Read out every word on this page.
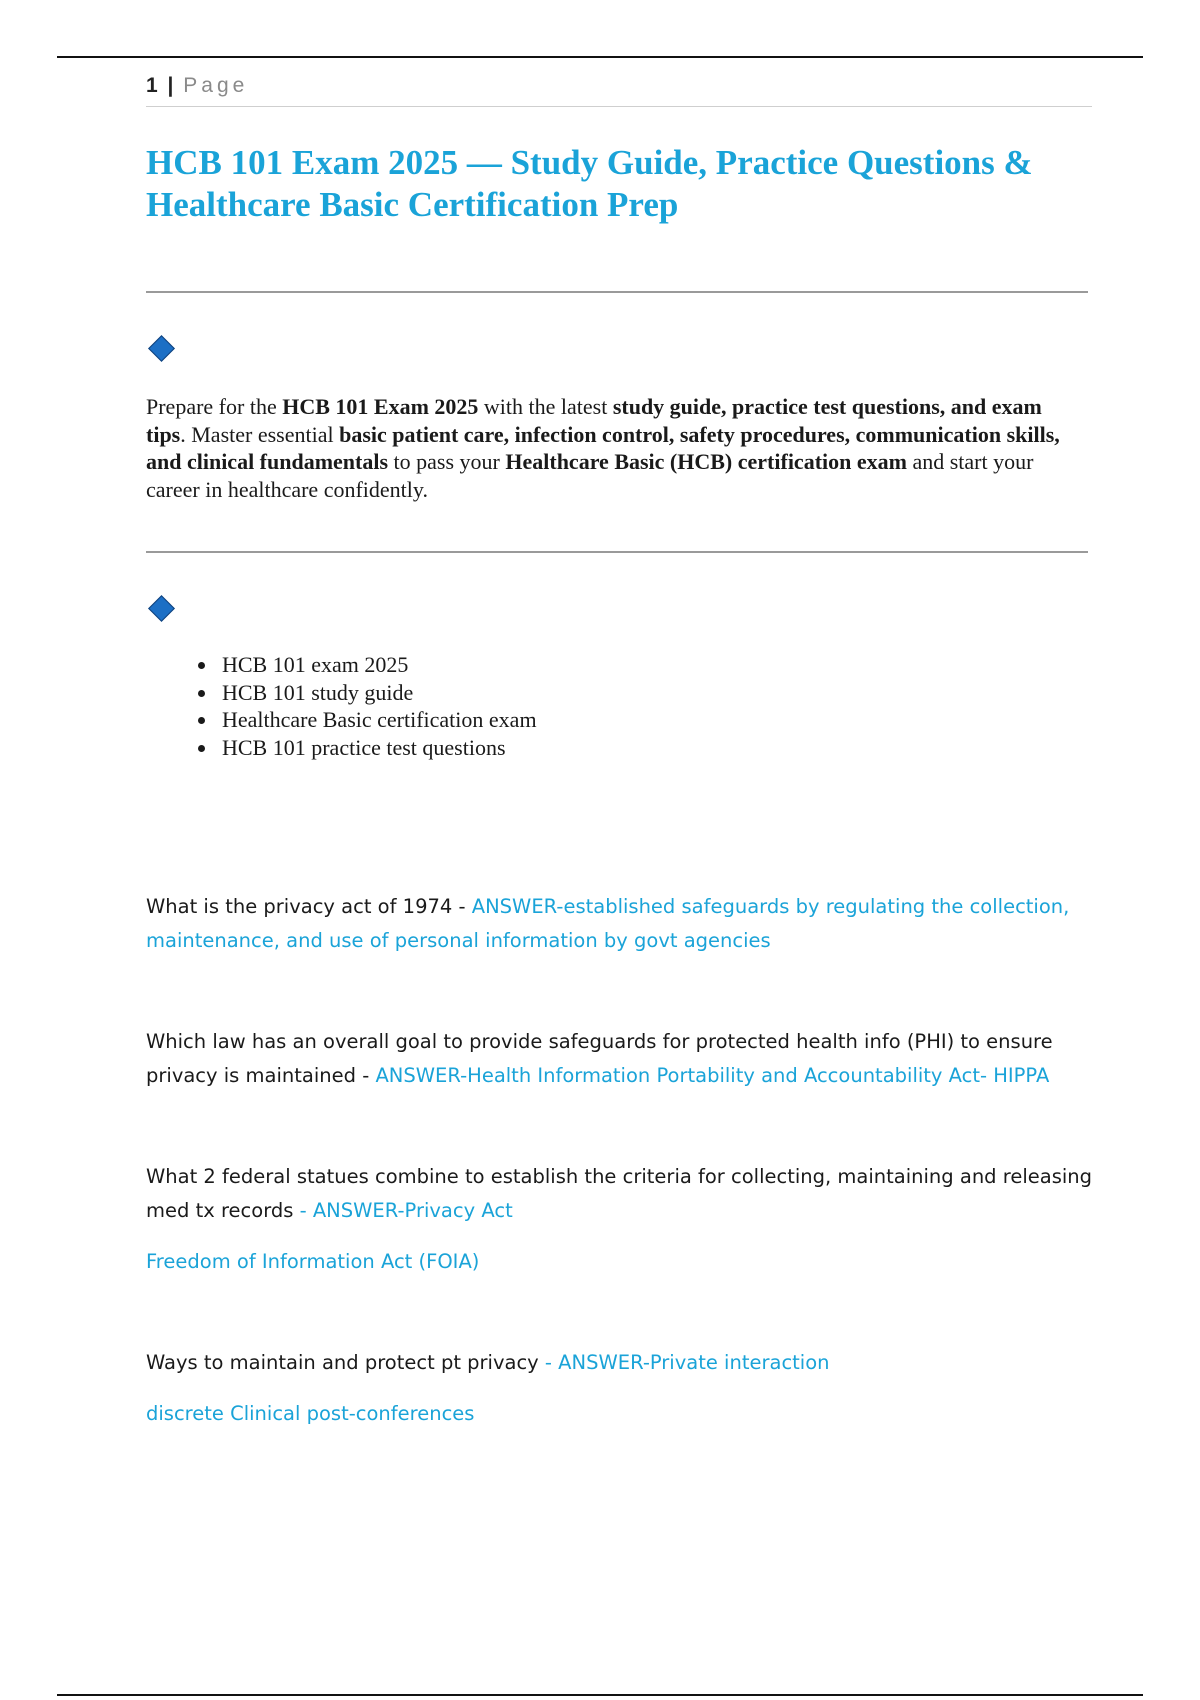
1 | Page
HCB 101 Exam 2025 — Study Guide, Practice Questions & Healthcare Basic Certification Prep

Prepare for the HCB 101 Exam 2025 with the latest study guide, practice test questions, and exam tips. Master essential basic patient care, infection control, safety procedures, communication skills, and clinical fundamentals to pass your Healthcare Basic (HCB) certification exam and start your career in healthcare confidently.

• HCB 101 exam 2025
• HCB 101 study guide
• Healthcare Basic certification exam
• HCB 101 practice test questions

What is the privacy act of 1974 - ANSWER-established safeguards by regulating the collection, maintenance, and use of personal information by govt agencies

Which law has an overall goal to provide safeguards for protected health info (PHI) to ensure privacy is maintained - ANSWER-Health Information Portability and Accountability Act- HIPPA

What 2 federal statues combine to establish the criteria for collecting, maintaining and releasing med tx records - ANSWER-Privacy Act

Freedom of Information Act (FOIA)

Ways to maintain and protect pt privacy - ANSWER-Private interaction

discrete Clinical post-conferences
